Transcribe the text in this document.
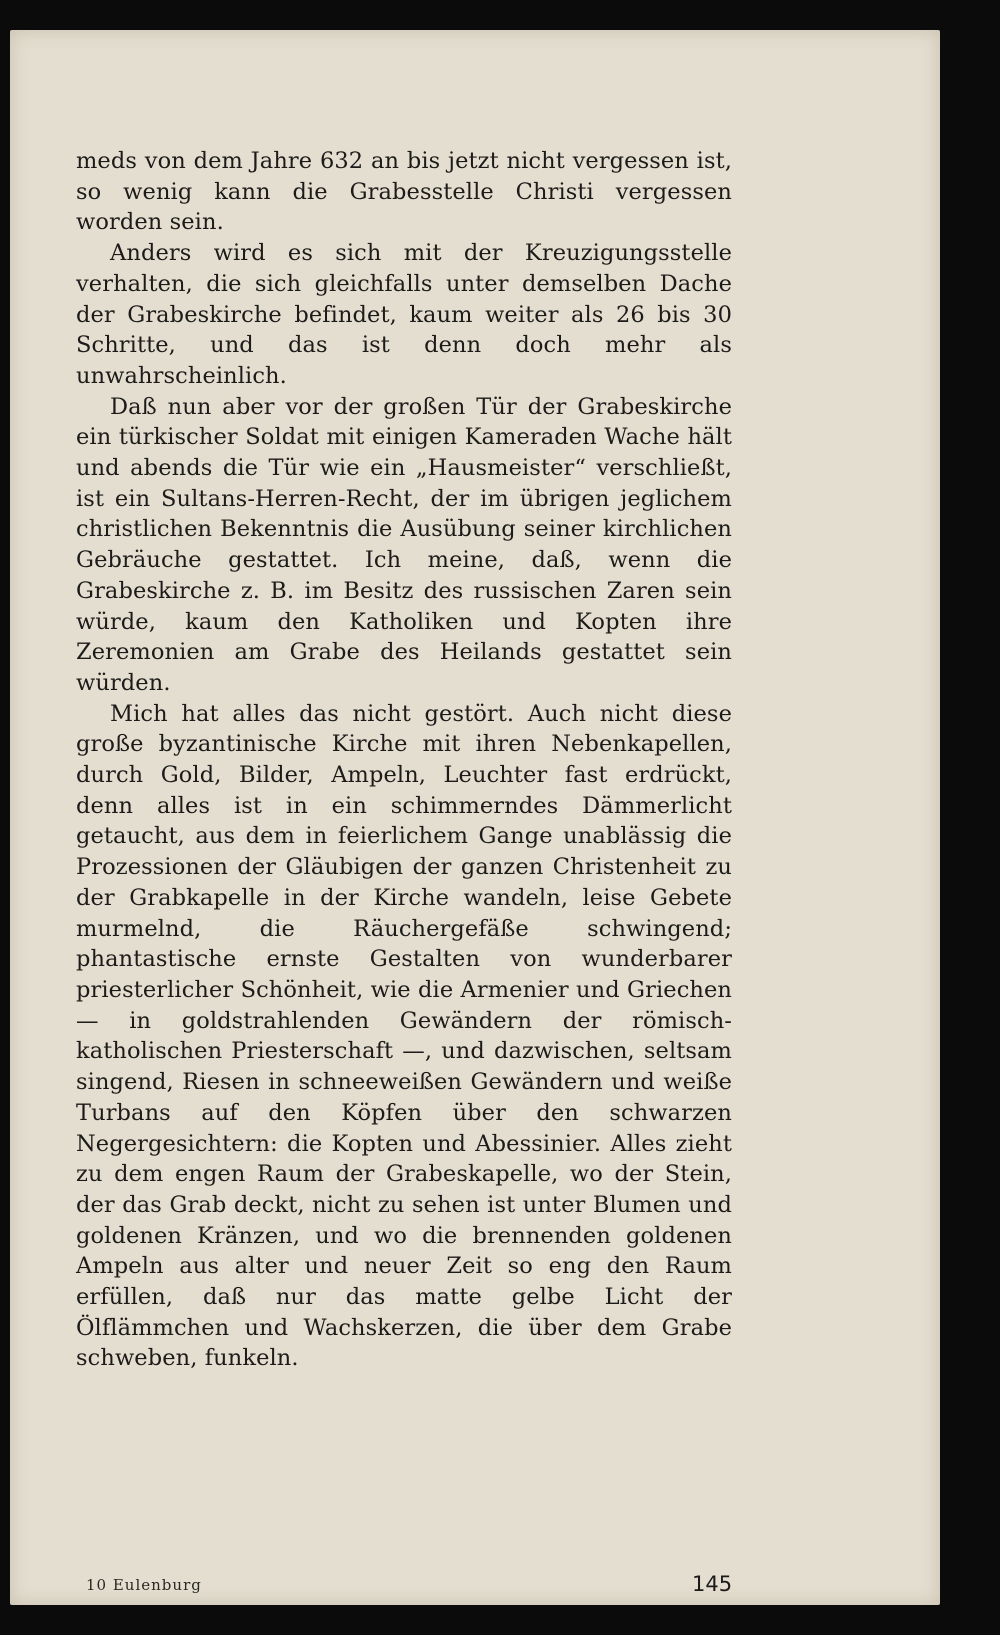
meds von dem Jahre 632 an bis jetzt nicht vergessen ist, so wenig kann die Grabesstelle Christi vergessen worden sein.

Anders wird es sich mit der Kreuzigungsstelle verhalten, die sich gleichfalls unter demselben Dache der Grabeskirche befindet, kaum weiter als 26 bis 30 Schritte, und das ist denn doch mehr als unwahrscheinlich.

Daß nun aber vor der großen Tür der Grabeskirche ein türkischer Soldat mit einigen Kameraden Wache hält und abends die Tür wie ein „Hausmeister“ verschließt, ist ein Sultans-Herren-Recht, der im übrigen jeglichem christlichen Bekenntnis die Ausübung seiner kirchlichen Gebräuche gestattet. Ich meine, daß, wenn die Grabeskirche z. B. im Besitz des russischen Zaren sein würde, kaum den Katholiken und Kopten ihre Zeremonien am Grabe des Heilands gestattet sein würden.

Mich hat alles das nicht gestört. Auch nicht diese große byzantinische Kirche mit ihren Nebenkapellen, durch Gold, Bilder, Ampeln, Leuchter fast erdrückt, denn alles ist in ein schimmerndes Dämmerlicht getaucht, aus dem in feierlichem Gange unablässig die Prozessionen der Gläubigen der ganzen Christenheit zu der Grabkapelle in der Kirche wandeln, leise Gebete murmelnd, die Räuchergefäße schwingend; phantastische ernste Gestalten von wunderbarer priesterlicher Schönheit, wie die Armenier und Griechen — in goldstrahlenden Gewändern der römisch-katholischen Priesterschaft —, und dazwischen, seltsam singend, Riesen in schneeweißen Gewändern und weiße Turbans auf den Köpfen über den schwarzen Negergesichtern: die Kopten und Abessinier. Alles zieht zu dem engen Raum der Grabeskapelle, wo der Stein, der das Grab deckt, nicht zu sehen ist unter Blumen und goldenen Kränzen, und wo die brennenden goldenen Ampeln aus alter und neuer Zeit so eng den Raum erfüllen, daß nur das matte gelbe Licht der Ölflämmchen und Wachskerzen, die über dem Grabe schweben, funkeln.

10 Eulenburg	145
